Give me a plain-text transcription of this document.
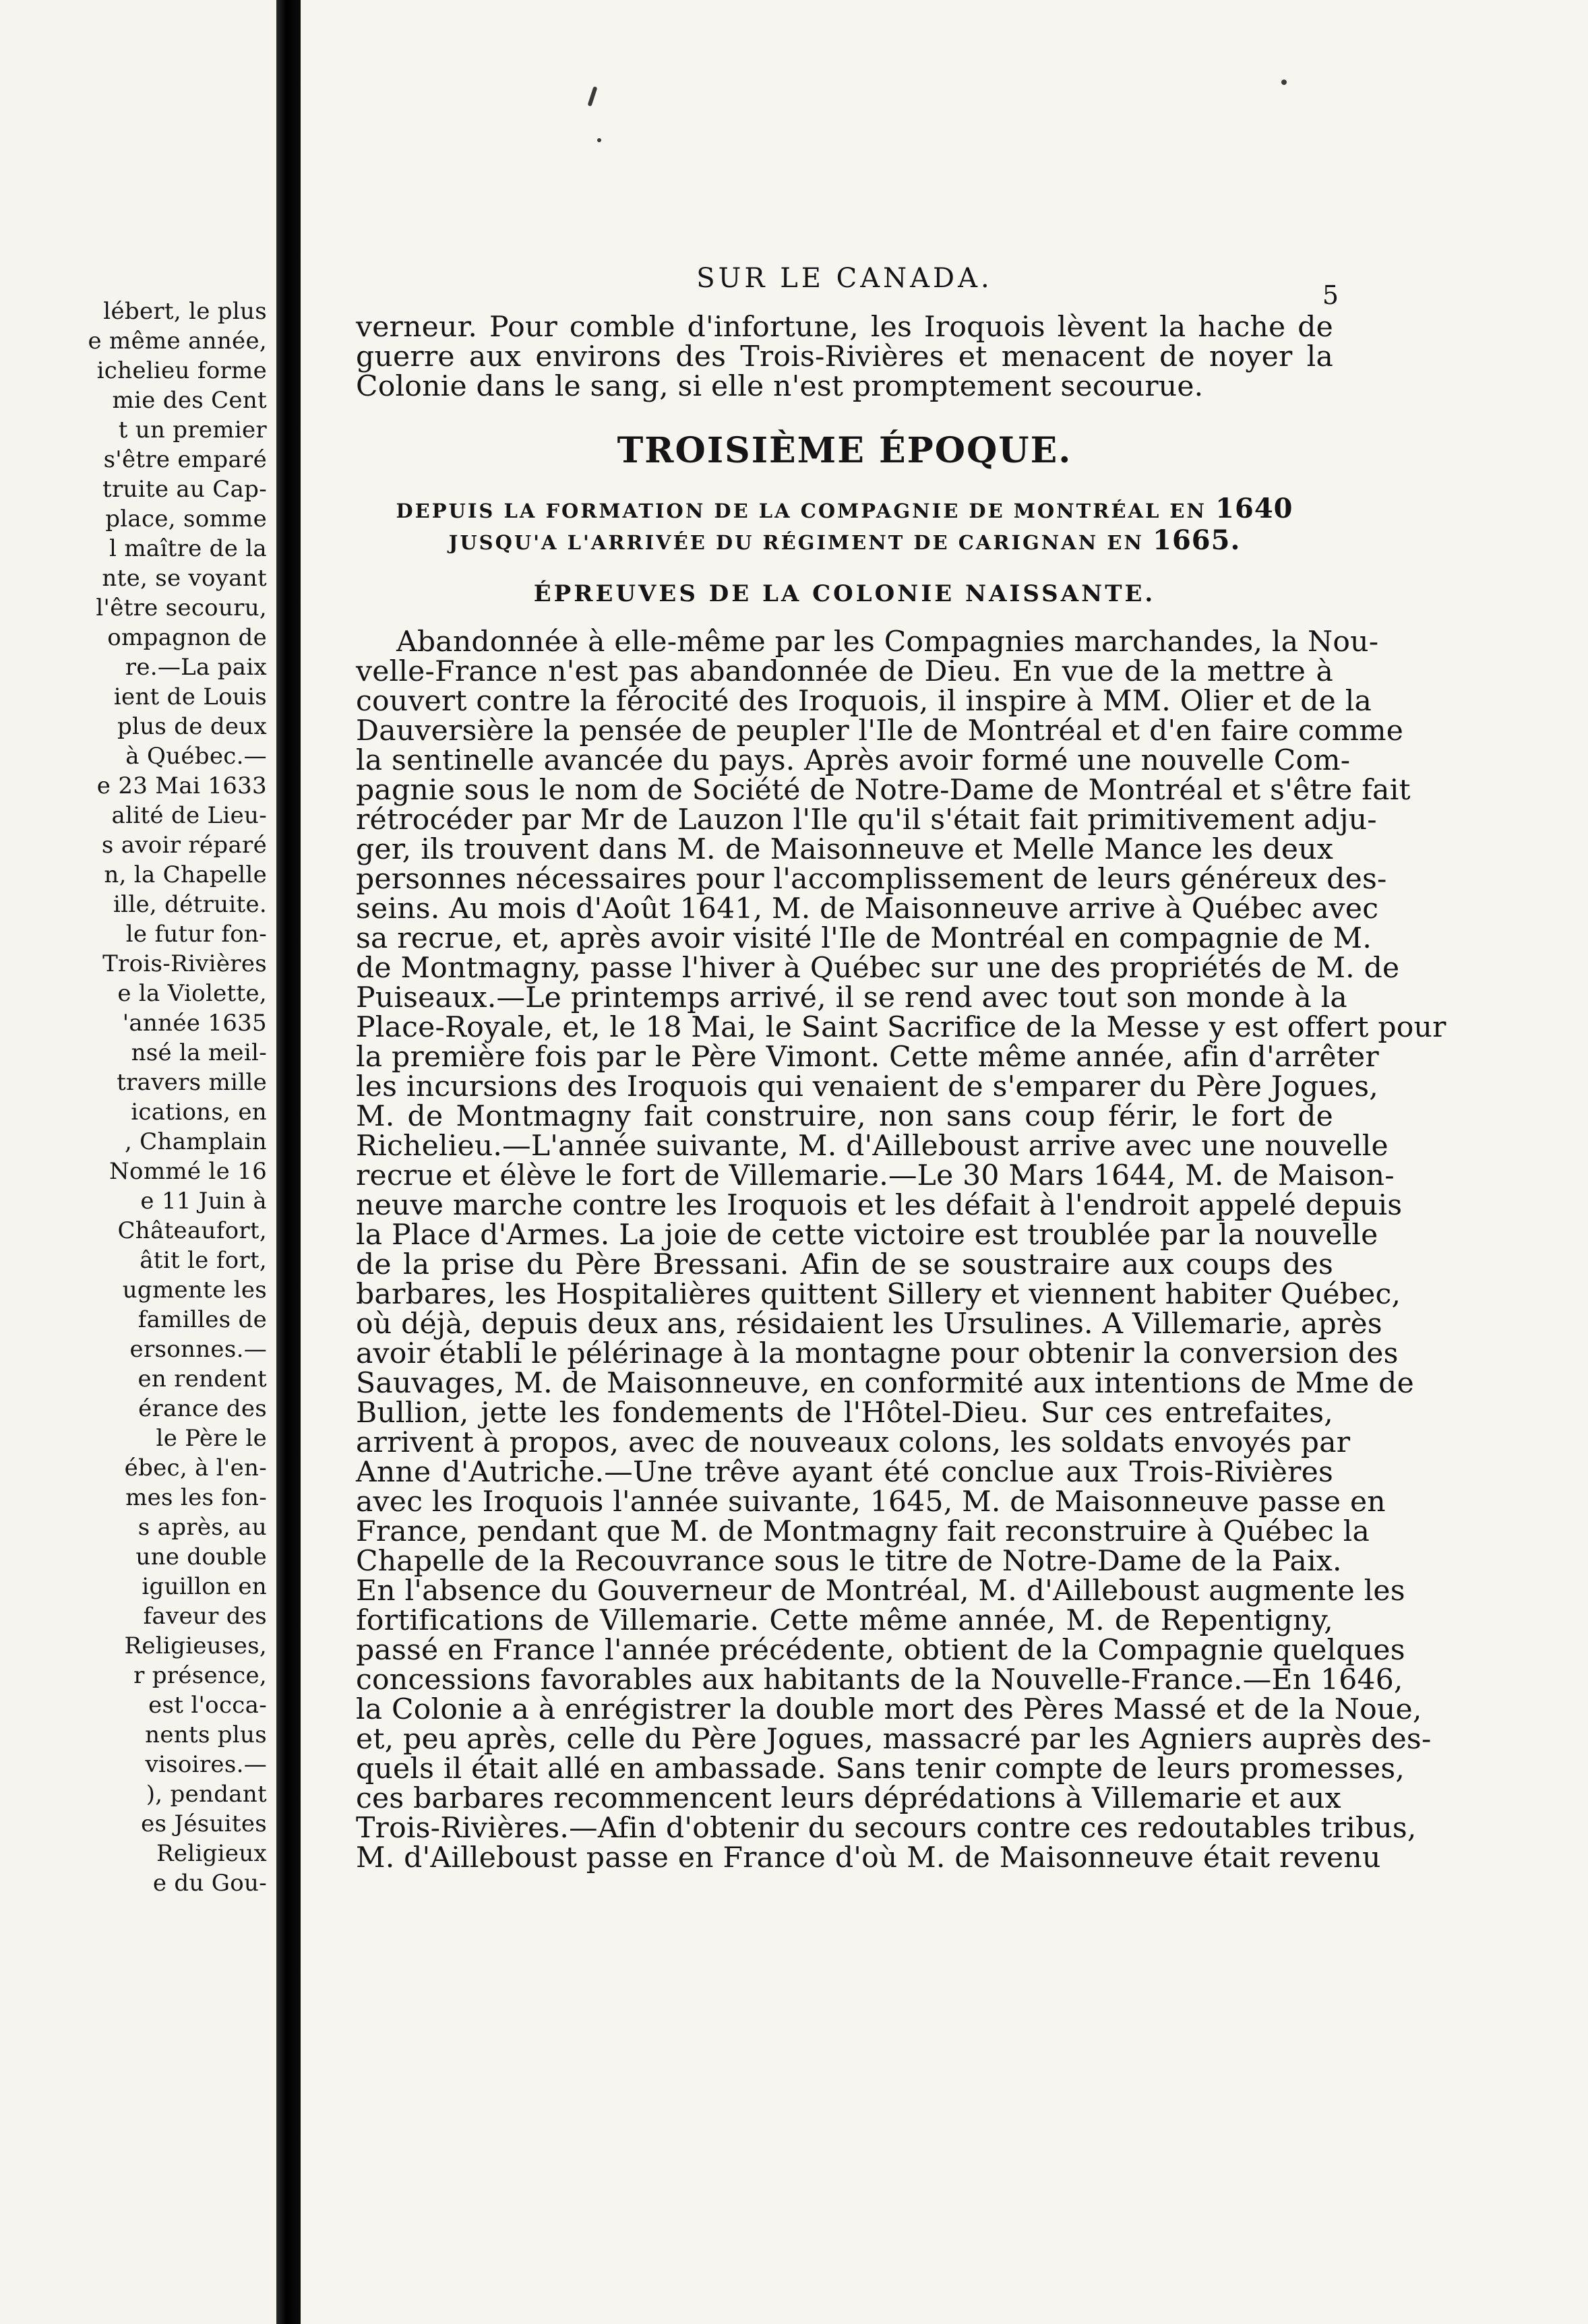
lébert, le plus
e même année,
ichelieu forme
mie des Cent
t un premier
s'être emparé
truite au Cap-
place, somme
l maître de la
nte, se voyant
l'être secouru,
ompagnon de
re.—La paix
ient de Louis
plus de deux
à Québec.—
e 23 Mai 1633
alité de Lieu-
s avoir réparé
n, la Chapelle
ille, détruite.
le futur fon-
Trois-Rivières
e la Violette,
'année 1635
nsé la meil-
travers mille
ications, en
, Champlain
Nommé le 16
e 11 Juin à
Châteaufort,
âtit le fort,
ugmente les
familles de
ersonnes.—
en rendent
érance des
le Père le
ébec, à l'en-
mes les fon-
s après, au
une double
iguillon en
faveur des
Religieuses,
r présence,
est l'occa-
nents plus
visoires.—
), pendant
es Jésuites
Religieux
e du Gou-
SUR LE CANADA.
5
verneur. Pour comble d'infortune, les Iroquois lèvent la hache de
guerre aux environs des Trois-Rivières et menacent de noyer la
Colonie dans le sang, si elle n'est promptement secourue.
TROISIÈME ÉPOQUE.
DEPUIS LA FORMATION DE LA COMPAGNIE DE MONTRÉAL EN 1640
JUSQU'A L'ARRIVÉE DU RÉGIMENT DE CARIGNAN EN 1665.
ÉPREUVES DE LA COLONIE NAISSANTE.
Abandonnée à elle-même par les Compagnies marchandes, la Nou-
velle-France n'est pas abandonnée de Dieu. En vue de la mettre à
couvert contre la férocité des Iroquois, il inspire à MM. Olier et de la
Dauversière la pensée de peupler l'Ile de Montréal et d'en faire comme
la sentinelle avancée du pays. Après avoir formé une nouvelle Com-
pagnie sous le nom de Société de Notre-Dame de Montréal et s'être fait
rétrocéder par Mr de Lauzon l'Ile qu'il s'était fait primitivement adju-
ger, ils trouvent dans M. de Maisonneuve et Melle Mance les deux
personnes nécessaires pour l'accomplissement de leurs généreux des-
seins. Au mois d'Août 1641, M. de Maisonneuve arrive à Québec avec
sa recrue, et, après avoir visité l'Ile de Montréal en compagnie de M.
de Montmagny, passe l'hiver à Québec sur une des propriétés de M. de
Puiseaux.—Le printemps arrivé, il se rend avec tout son monde à la
Place-Royale, et, le 18 Mai, le Saint Sacrifice de la Messe y est offert pour
la première fois par le Père Vimont. Cette même année, afin d'arrêter
les incursions des Iroquois qui venaient de s'emparer du Père Jogues,
M. de Montmagny fait construire, non sans coup férir, le fort de
Richelieu.—L'année suivante, M. d'Ailleboust arrive avec une nouvelle
recrue et élève le fort de Villemarie.—Le 30 Mars 1644, M. de Maison-
neuve marche contre les Iroquois et les défait à l'endroit appelé depuis
la Place d'Armes. La joie de cette victoire est troublée par la nouvelle
de la prise du Père Bressani. Afin de se soustraire aux coups des
barbares, les Hospitalières quittent Sillery et viennent habiter Québec,
où déjà, depuis deux ans, résidaient les Ursulines. A Villemarie, après
avoir établi le pélérinage à la montagne pour obtenir la conversion des
Sauvages, M. de Maisonneuve, en conformité aux intentions de Mme de
Bullion, jette les fondements de l'Hôtel-Dieu. Sur ces entrefaites,
arrivent à propos, avec de nouveaux colons, les soldats envoyés par
Anne d'Autriche.—Une trêve ayant été conclue aux Trois-Rivières
avec les Iroquois l'année suivante, 1645, M. de Maisonneuve passe en
France, pendant que M. de Montmagny fait reconstruire à Québec la
Chapelle de la Recouvrance sous le titre de Notre-Dame de la Paix.
En l'absence du Gouverneur de Montréal, M. d'Ailleboust augmente les
fortifications de Villemarie. Cette même année, M. de Repentigny,
passé en France l'année précédente, obtient de la Compagnie quelques
concessions favorables aux habitants de la Nouvelle-France.—En 1646,
la Colonie a à enrégistrer la double mort des Pères Massé et de la Noue,
et, peu après, celle du Père Jogues, massacré par les Agniers auprès des-
quels il était allé en ambassade. Sans tenir compte de leurs promesses,
ces barbares recommencent leurs déprédations à Villemarie et aux
Trois-Rivières.—Afin d'obtenir du secours contre ces redoutables tribus,
M. d'Ailleboust passe en France d'où M. de Maisonneuve était revenu
